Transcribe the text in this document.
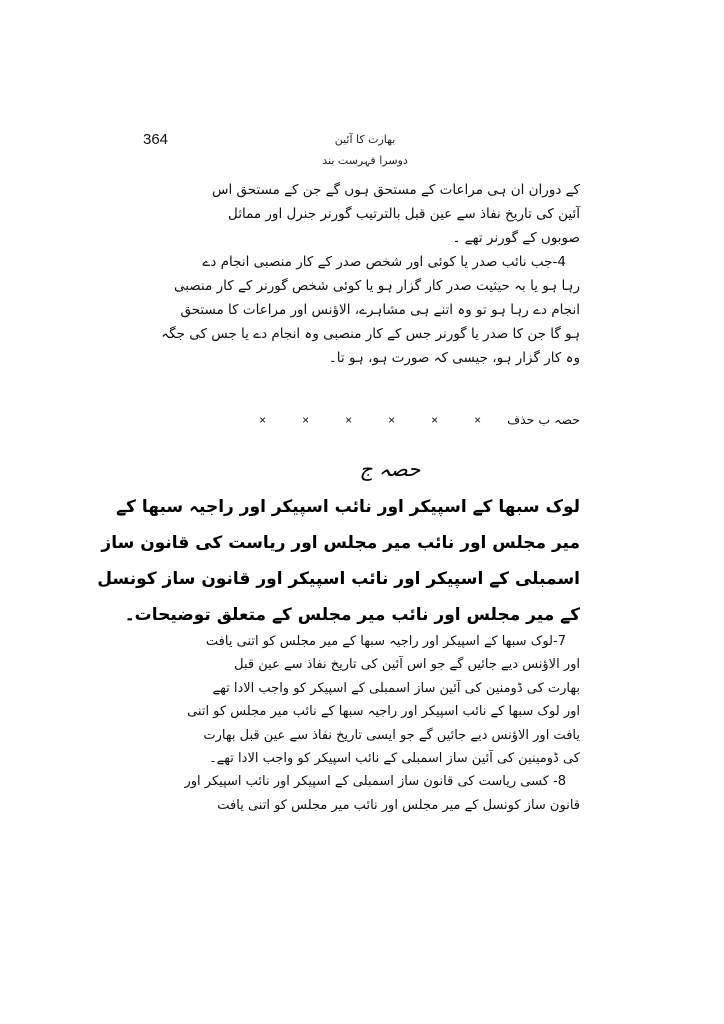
364	بھارت کا آئین
دوسرا فہرست بند

کے دوران ان ہی مراعات کے مستحق ہوں گے جن کے مستحق اس

آئین کی تاریخ نفاذ سے عین قبل بالترتیب گورنر جنرل اور مماثل

صوبوں کے گورنر تھے ۔

4-جب نائب صدر یا کوئی اور شخص صدر کے کار منصبی انجام دے

رہا ہو یا بہ حیثیت صدر کار گزار ہو یا کوئی شخص گورنر کے کار منصبی

انجام دے رہا ہو تو وہ اتنے ہی مشاہرے، الاؤنس اور مراعات کا مستحق

ہو گا جن کا صدر یا گورنر جس کے کار منصبی وہ انجام دے یا جس کی جگہ

وہ کار گزار ہو، جیسی کہ صورت ہو، ہو تا۔

حصہ ب حذف
×
×
×
×
×
×
حصہ ج

لوک سبھا کے اسپیکر اور نائب اسپیکر اور راجیہ سبھا کے

میر مجلس اور نائب میر مجلس اور ریاست کی قانون ساز

اسمبلی کے اسپیکر اور نائب اسپیکر اور قانون ساز کونسل

کے میر مجلس اور نائب میر مجلس کے متعلق توضیحات۔

7-لوک سبھا کے اسپیکر اور راجیہ سبھا کے میر مجلس کو اتنی یافت

اور الاؤنس دیے جائیں گے جو اس آئین کی تاریخ نفاذ سے عین قبل

بھارت کی ڈومنین کی آئین ساز اسمبلی کے اسپیکر کو واجب الادا تھے

اور لوک سبھا کے نائب اسپیکر اور راجیہ سبھا کے نائب میر مجلس کو اتنی

یافت اور الاؤنس دیے جائیں گے جو ایسی تاریخ نفاذ سے عین قبل بھارت

کی ڈومینین کی آئین ساز اسمبلی کے نائب اسپیکر کو واجب الادا تھے۔

8- کسی ریاست کی قانون ساز اسمبلی کے اسپیکر اور نائب اسپیکر اور

قانون ساز کونسل کے میر مجلس اور نائب میر مجلس کو اتنی یافت
